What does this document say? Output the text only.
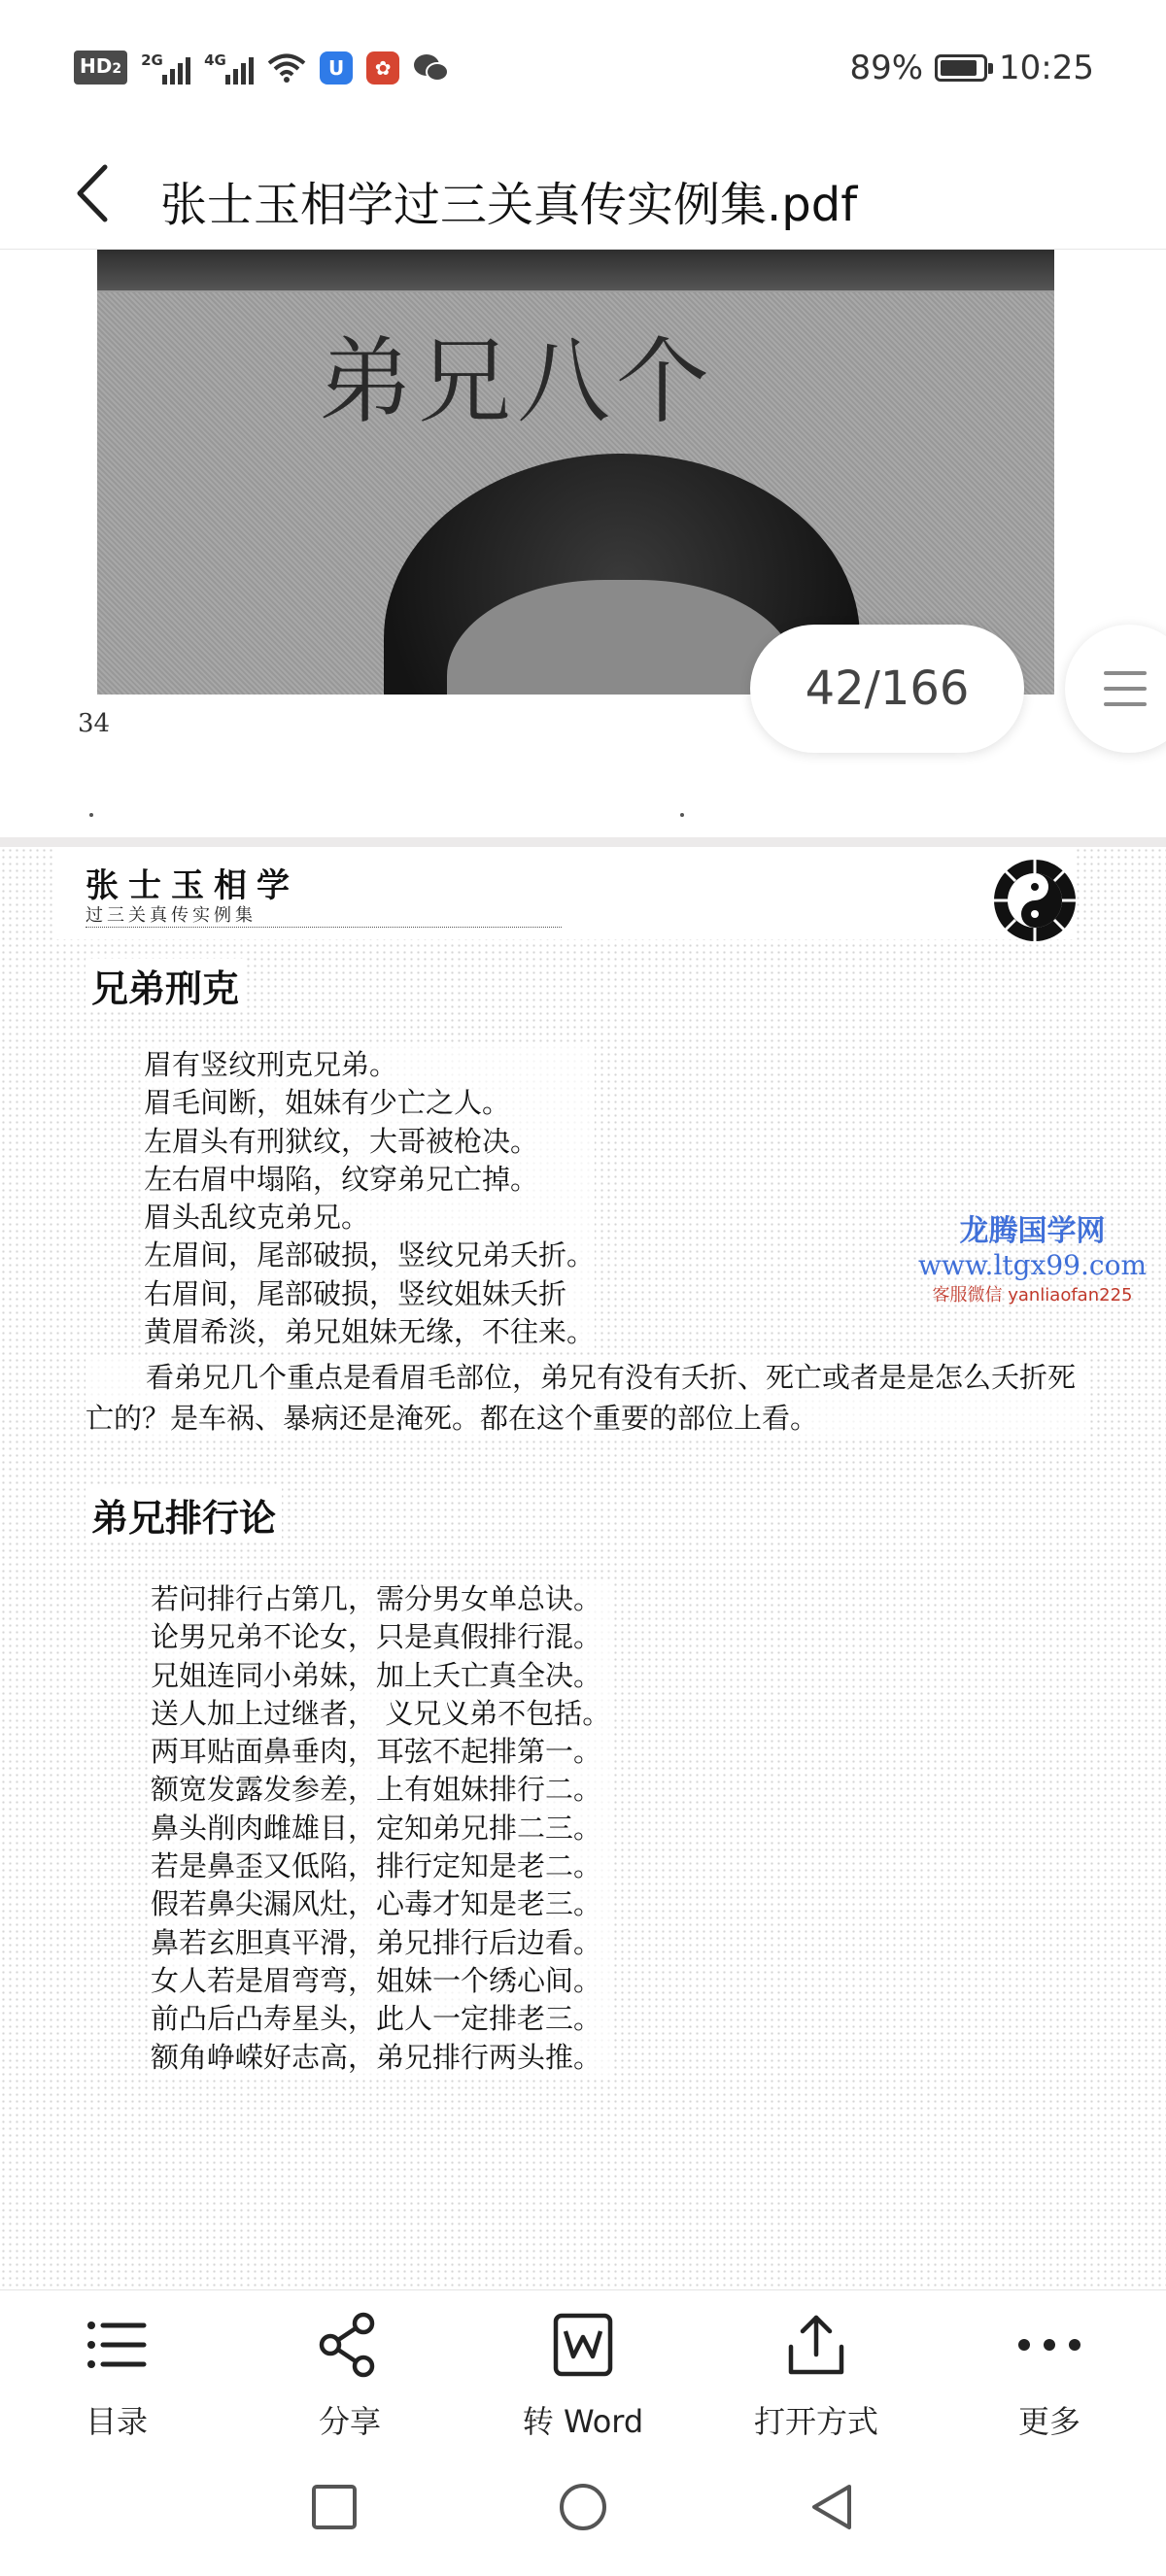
HD2
2G	4G	U	✿	89% 10:25
张士玉相学过三关真传实例集.pdf
弟兄八个
34
张士玉相学
过三关真传实例集
兄弟刑克
眉有竖纹刑克兄弟。
眉毛间断，姐妹有少亡之人。
左眉头有刑狱纹，大哥被枪决。
左右眉中塌陷，纹穿弟兄亡掉。
眉头乱纹克弟兄。
左眉间，尾部破损，竖纹兄弟夭折。
右眉间，尾部破损，竖纹姐妹夭折
黄眉希淡，弟兄姐妹无缘，不往来。
看弟兄几个重点是看眉毛部位，弟兄有没有夭折、死亡或者是是怎么夭折死亡的？是车祸、暴病还是淹死。都在这个重要的部位上看。
龙腾国学网
www.ltgx99.com
客服微信 yanliaofan225
弟兄排行论
若问排行占第几，需分男女单总诀。
论男兄弟不论女，只是真假排行混。
兄姐连同小弟妹，加上夭亡真全决。
送人加上过继者， 义兄义弟不包括。
两耳贴面鼻垂肉，耳弦不起排第一。
额宽发露发参差，上有姐妹排行二。
鼻头削肉雌雄目，定知弟兄排二三。
若是鼻歪又低陷，排行定知是老二。
假若鼻尖漏风灶，心毒才知是老三。
鼻若玄胆真平滑，弟兄排行后边看。
女人若是眉弯弯，姐妹一个绣心间。
前凸后凸寿星头，此人一定排老三。
额角峥嵘好志高，弟兄排行两头推。
42/166
目录	分享	转 Word	打开方式	更多
